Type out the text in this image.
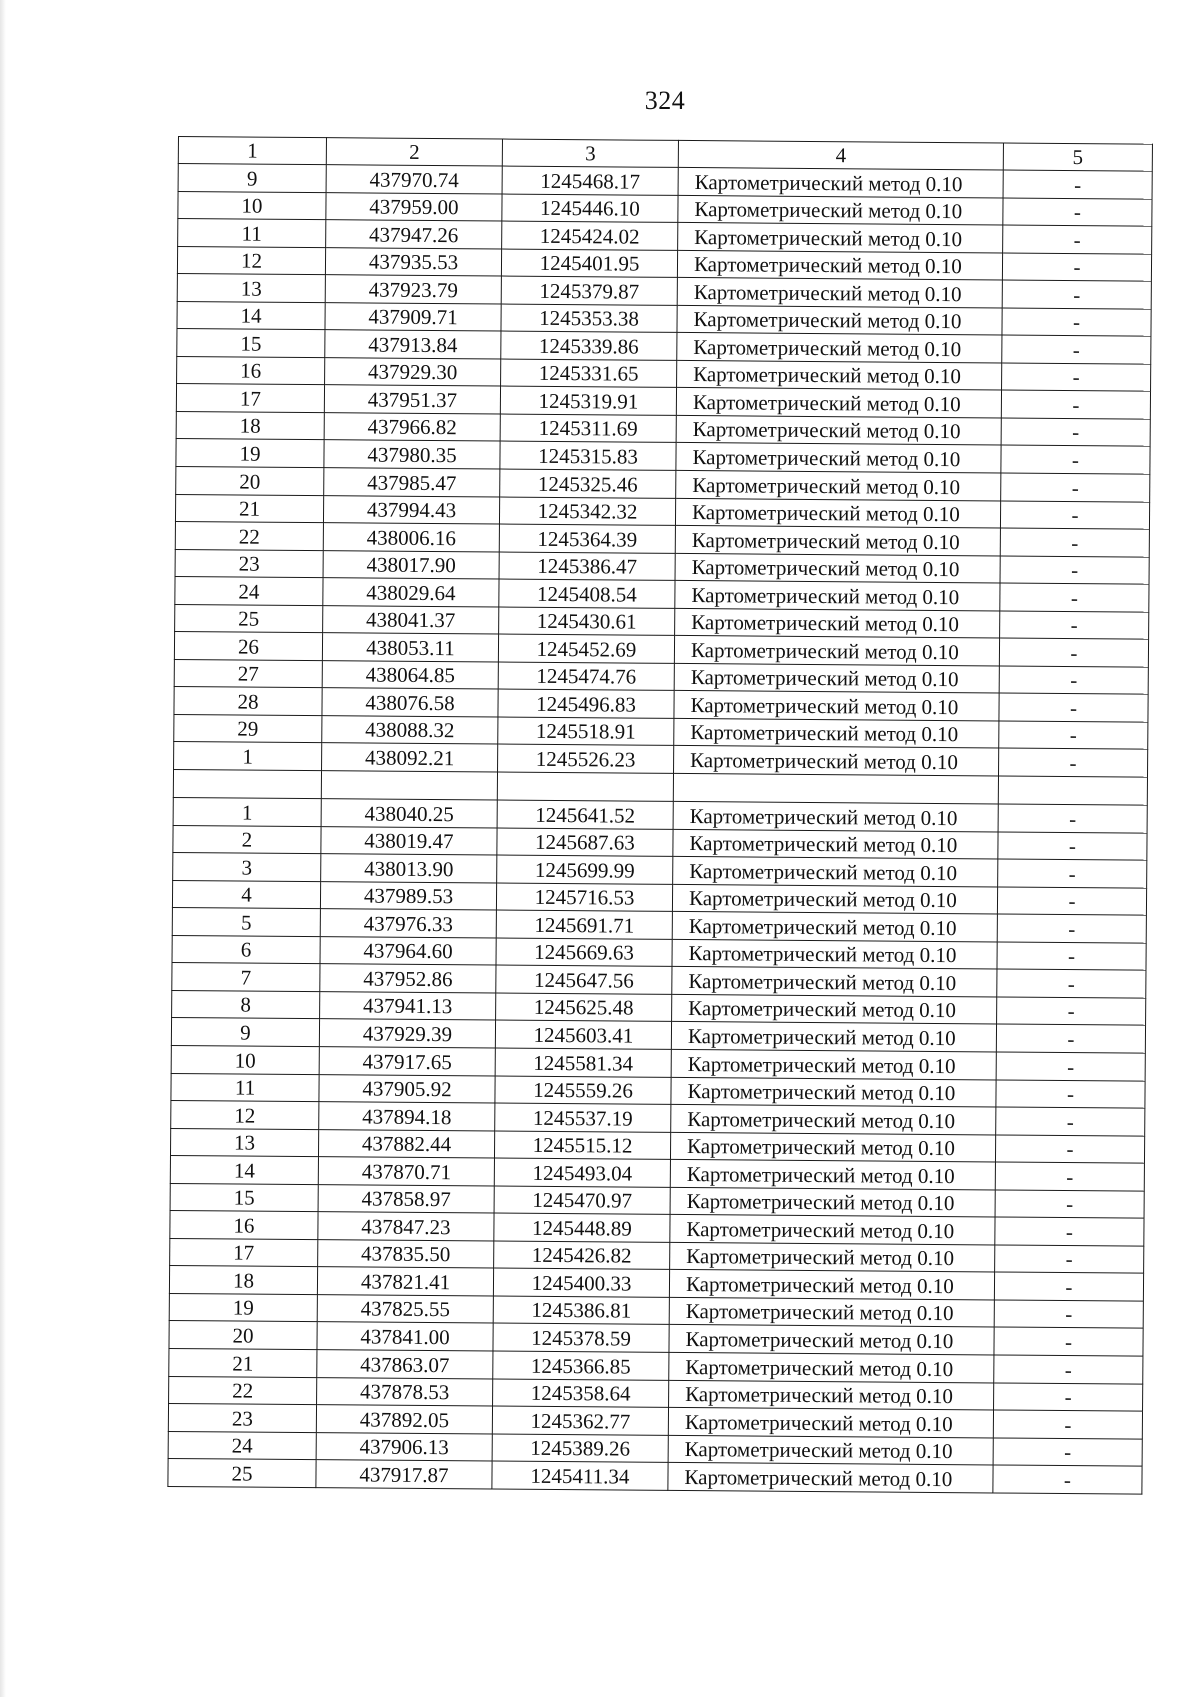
324
1	2	3	4	5
9	437970.74	1245468.17	Картометрический метод 0.10	-
10	437959.00	1245446.10	Картометрический метод 0.10	-
11	437947.26	1245424.02	Картометрический метод 0.10	-
12	437935.53	1245401.95	Картометрический метод 0.10	-
13	437923.79	1245379.87	Картометрический метод 0.10	-
14	437909.71	1245353.38	Картометрический метод 0.10	-
15	437913.84	1245339.86	Картометрический метод 0.10	-
16	437929.30	1245331.65	Картометрический метод 0.10	-
17	437951.37	1245319.91	Картометрический метод 0.10	-
18	437966.82	1245311.69	Картометрический метод 0.10	-
19	437980.35	1245315.83	Картометрический метод 0.10	-
20	437985.47	1245325.46	Картометрический метод 0.10	-
21	437994.43	1245342.32	Картометрический метод 0.10	-
22	438006.16	1245364.39	Картометрический метод 0.10	-
23	438017.90	1245386.47	Картометрический метод 0.10	-
24	438029.64	1245408.54	Картометрический метод 0.10	-
25	438041.37	1245430.61	Картометрический метод 0.10	-
26	438053.11	1245452.69	Картометрический метод 0.10	-
27	438064.85	1245474.76	Картометрический метод 0.10	-
28	438076.58	1245496.83	Картометрический метод 0.10	-
29	438088.32	1245518.91	Картометрический метод 0.10	-
1	438092.21	1245526.23	Картометрический метод 0.10	-

1	438040.25	1245641.52	Картометрический метод 0.10	-
2	438019.47	1245687.63	Картометрический метод 0.10	-
3	438013.90	1245699.99	Картометрический метод 0.10	-
4	437989.53	1245716.53	Картометрический метод 0.10	-
5	437976.33	1245691.71	Картометрический метод 0.10	-
6	437964.60	1245669.63	Картометрический метод 0.10	-
7	437952.86	1245647.56	Картометрический метод 0.10	-
8	437941.13	1245625.48	Картометрический метод 0.10	-
9	437929.39	1245603.41	Картометрический метод 0.10	-
10	437917.65	1245581.34	Картометрический метод 0.10	-
11	437905.92	1245559.26	Картометрический метод 0.10	-
12	437894.18	1245537.19	Картометрический метод 0.10	-
13	437882.44	1245515.12	Картометрический метод 0.10	-
14	437870.71	1245493.04	Картометрический метод 0.10	-
15	437858.97	1245470.97	Картометрический метод 0.10	-
16	437847.23	1245448.89	Картометрический метод 0.10	-
17	437835.50	1245426.82	Картометрический метод 0.10	-
18	437821.41	1245400.33	Картометрический метод 0.10	-
19	437825.55	1245386.81	Картометрический метод 0.10	-
20	437841.00	1245378.59	Картометрический метод 0.10	-
21	437863.07	1245366.85	Картометрический метод 0.10	-
22	437878.53	1245358.64	Картометрический метод 0.10	-
23	437892.05	1245362.77	Картометрический метод 0.10	-
24	437906.13	1245389.26	Картометрический метод 0.10	-
25	437917.87	1245411.34	Картометрический метод 0.10	-
